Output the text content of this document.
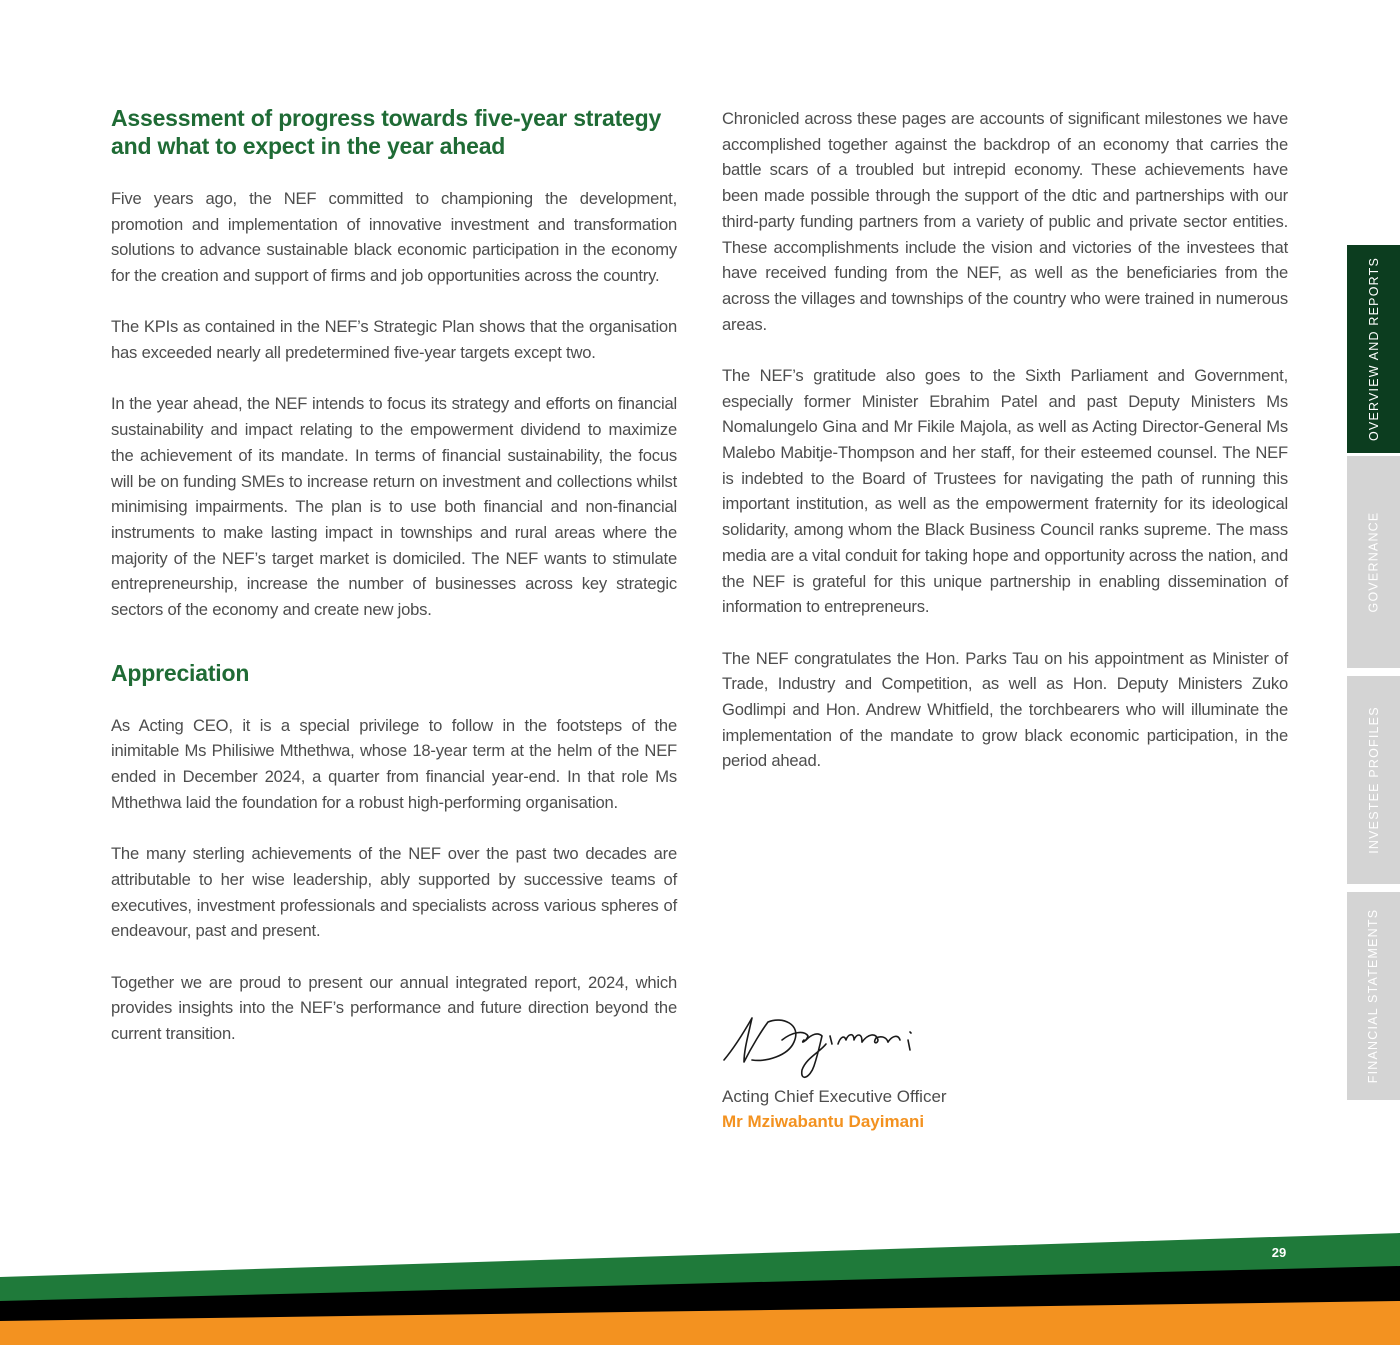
Assessment of progress towards five-year strategy and what to expect in the year ahead

Five years ago, the NEF committed to championing the development, promotion and implementation of innovative investment and transformation solutions to advance sustainable black economic participation in the economy for the creation and support of firms and job opportunities across the country.

The KPIs as contained in the NEF’s Strategic Plan shows that the organisation has exceeded nearly all predetermined five-year targets except two.

In the year ahead, the NEF intends to focus its strategy and efforts on financial sustainability and impact relating to the empowerment dividend to maximize the achievement of its mandate. In terms of financial sustainability, the focus will be on funding SMEs to increase return on investment and collections whilst minimising impairments. The plan is to use both financial and non-financial instruments to make lasting impact in townships and rural areas where the majority of the NEF’s target market is domiciled. The NEF wants to stimulate entrepreneurship, increase the number of businesses across key strategic sectors of the economy and create new jobs.

Appreciation

As Acting CEO, it is a special privilege to follow in the footsteps of the inimitable Ms Philisiwe Mthethwa, whose 18-year term at the helm of the NEF ended in December 2024, a quarter from financial year-end. In that role Ms Mthethwa laid the foundation for a robust high-performing organisation.

The many sterling achievements of the NEF over the past two decades are attributable to her wise leadership, ably supported by successive teams of executives, investment professionals and specialists across various spheres of endeavour, past and present.

Together we are proud to present our annual integrated report, 2024, which provides insights into the NEF’s performance and future direction beyond the current transition.

Chronicled across these pages are accounts of significant milestones we have accomplished together against the backdrop of an economy that carries the battle scars of a troubled but intrepid economy. These achievements have been made possible through the support of the dtic and partnerships with our third-party funding partners from a variety of public and private sector entities. These accomplishments include the vision and victories of the investees that have received funding from the NEF, as well as the beneficiaries from the across the villages and townships of the country who were trained in numerous areas.

The NEF’s gratitude also goes to the Sixth Parliament and Government, especially former Minister Ebrahim Patel and past Deputy Ministers Ms Nomalungelo Gina and Mr Fikile Majola, as well as Acting Director-General Ms Malebo Mabitje-Thompson and her staff, for their esteemed counsel. The NEF is indebted to the Board of Trustees for navigating the path of running this important institution, as well as the empowerment fraternity for its ideological solidarity, among whom the Black Business Council ranks supreme. The mass media are a vital conduit for taking hope and opportunity across the nation, and the NEF is grateful for this unique partnership in enabling dissemination of information to entrepreneurs.

The NEF congratulates the Hon. Parks Tau on his appointment as Minister of Trade, Industry and Competition, as well as Hon. Deputy Ministers Zuko Godlimpi and Hon. Andrew Whitfield, the torchbearers who will illuminate the implementation of the mandate to grow black economic participation, in the period ahead.

Acting Chief Executive Officer
Mr Mziwabantu Dayimani
OVERVIEW AND REPORTS
GOVERNANCE
INVESTEE PROFILES
FINANCIAL STATEMENTS
29
